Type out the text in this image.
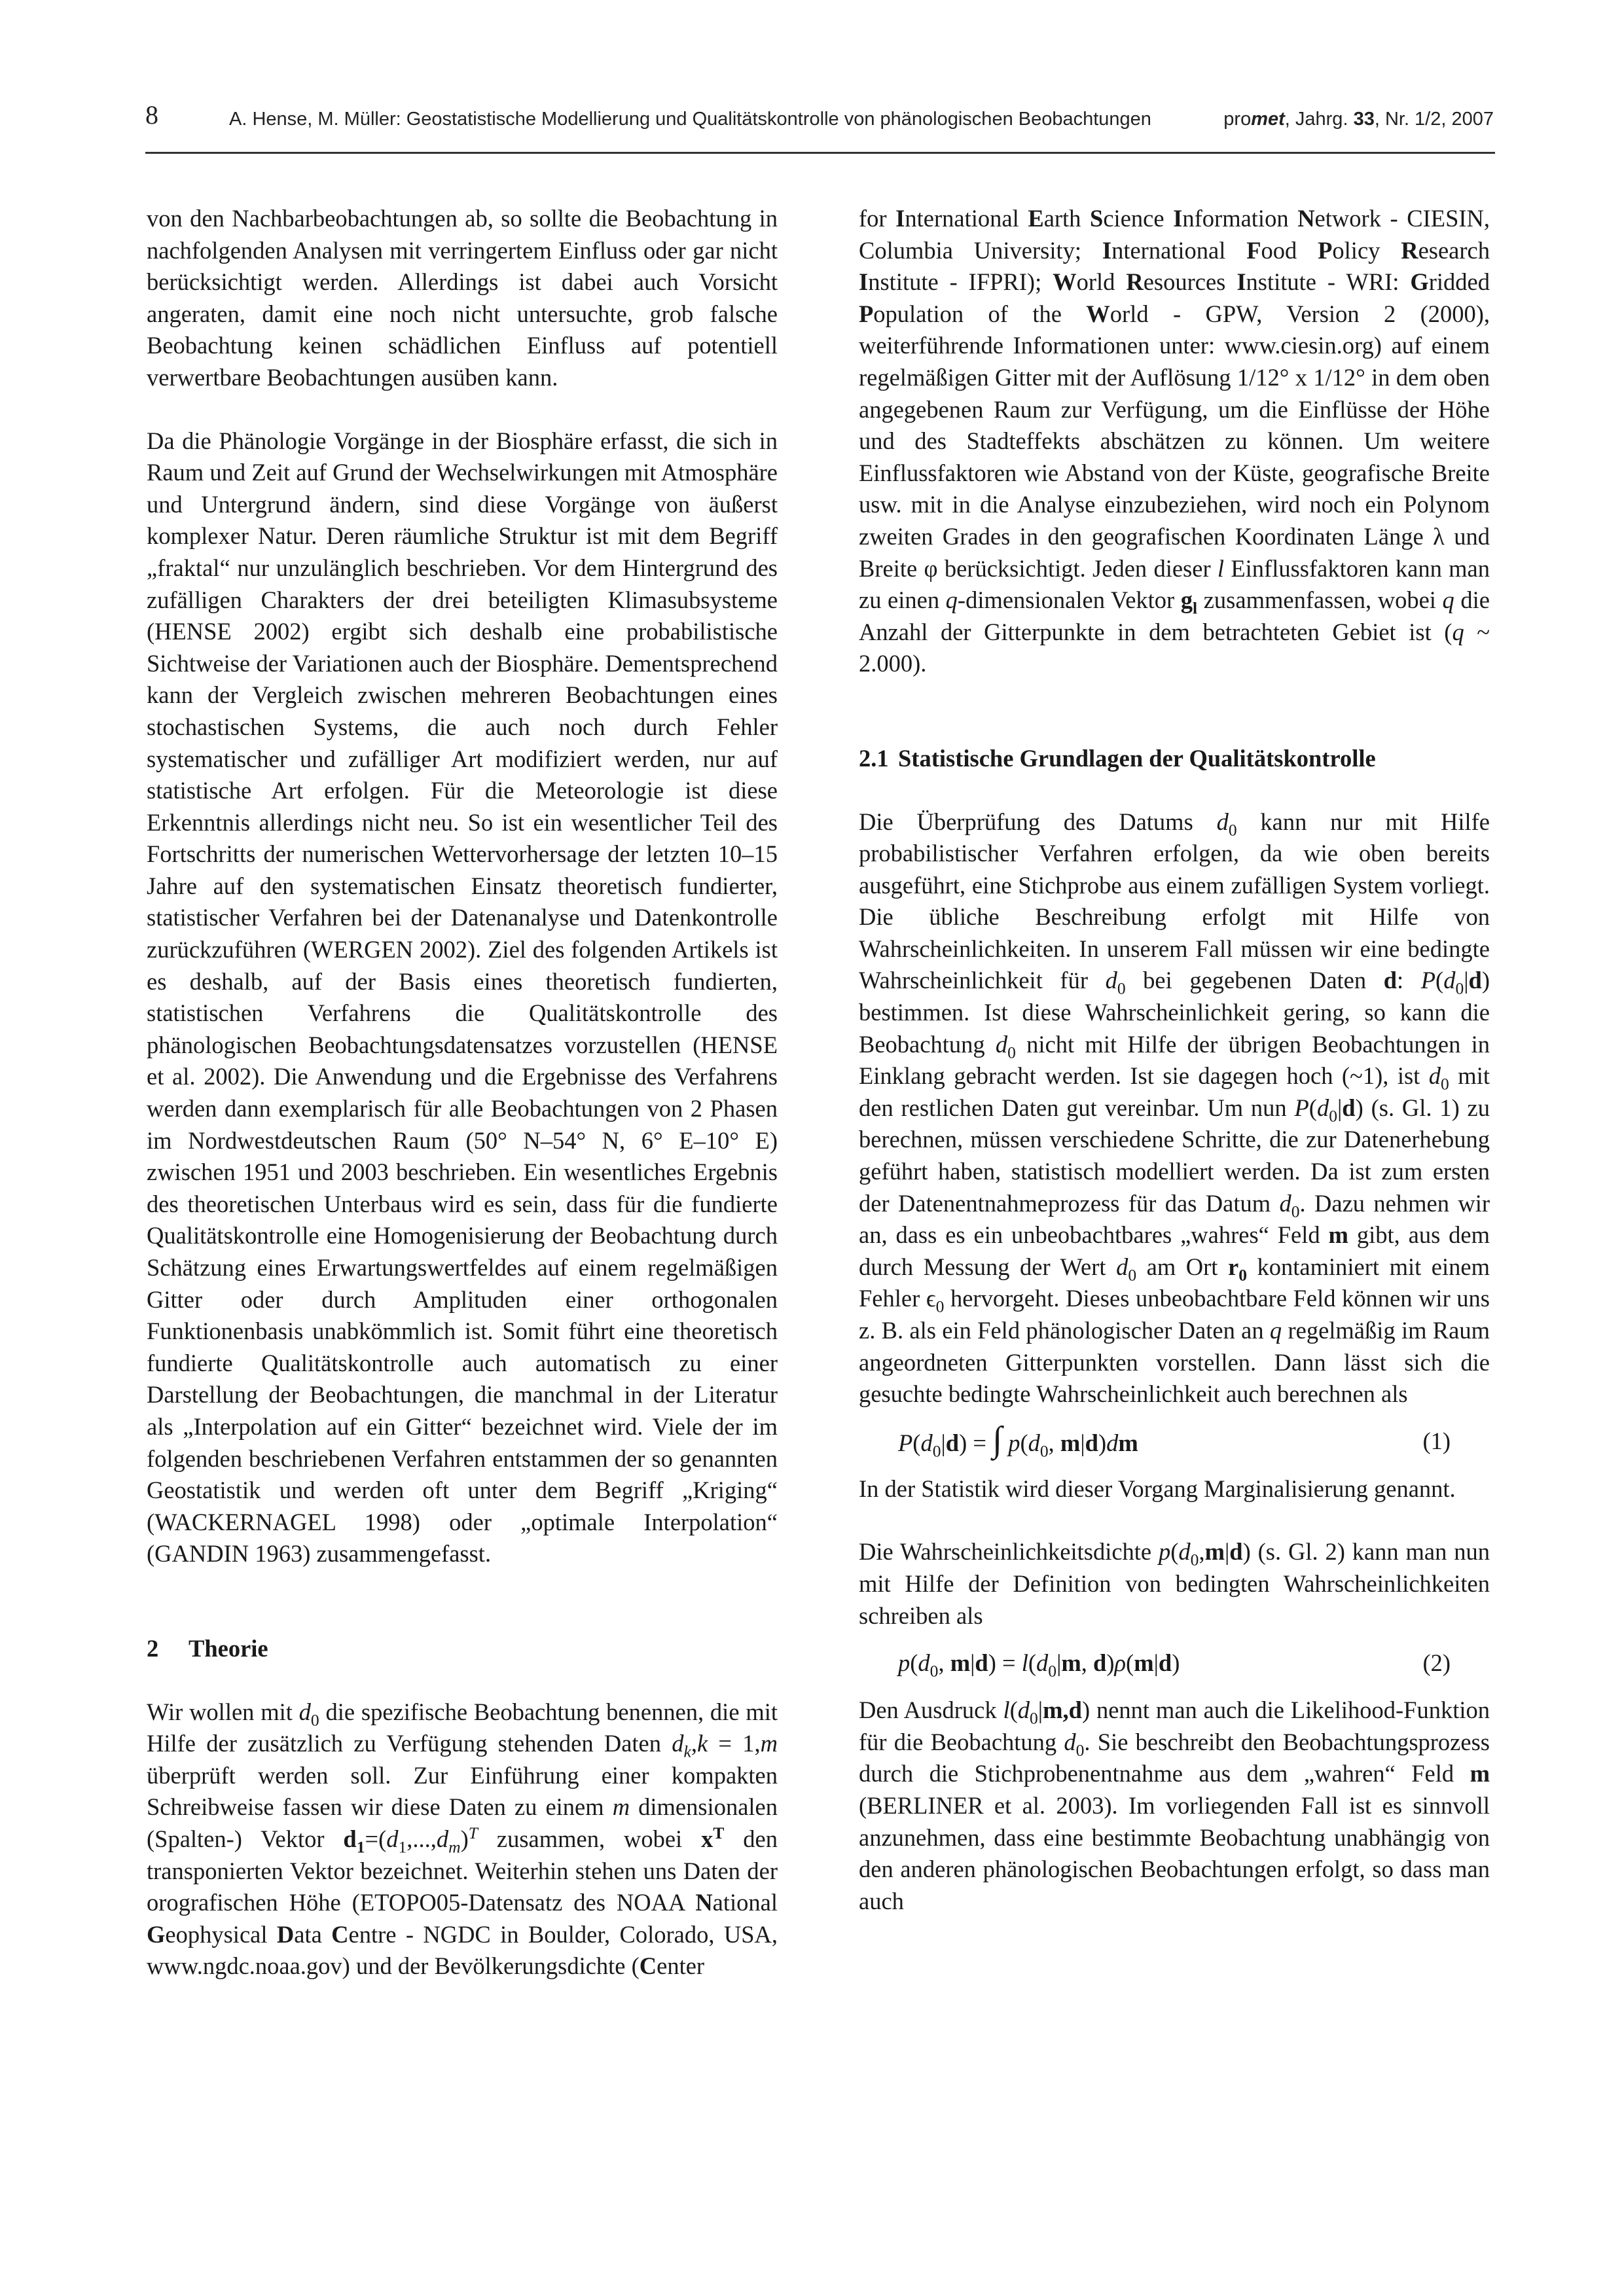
8	A. Hense, M. Müller: Geostatistische Modellierung und Qualitätskontrolle von phänologischen Beobachtungen	promet, Jahrg. 33, Nr. 1/2, 2007

von den Nachbarbeobachtungen ab, so sollte die Beobachtung in nachfolgenden Analysen mit verringertem Einfluss oder gar nicht berücksichtigt werden. Allerdings ist dabei auch Vorsicht angeraten, damit eine noch nicht untersuchte, grob falsche Beobachtung keinen schädlichen Einfluss auf potentiell verwertbare Beobachtungen ausüben kann.

Da die Phänologie Vorgänge in der Biosphäre erfasst, die sich in Raum und Zeit auf Grund der Wechselwirkungen mit Atmosphäre und Untergrund ändern, sind diese Vorgänge von äußerst komplexer Natur. Deren räumliche Struktur ist mit dem Begriff „fraktal“ nur unzulänglich beschrieben. Vor dem Hintergrund des zufälligen Charakters der drei beteiligten Klimasubsysteme (HENSE 2002) ergibt sich deshalb eine probabilistische Sichtweise der Variationen auch der Biosphäre. Dementsprechend kann der Vergleich zwischen mehreren Beobachtungen eines stochastischen Systems, die auch noch durch Fehler systematischer und zufälliger Art modifiziert werden, nur auf statistische Art erfolgen. Für die Meteorologie ist diese Erkenntnis allerdings nicht neu. So ist ein wesentlicher Teil des Fortschritts der numerischen Wettervorhersage der letzten 10–15 Jahre auf den systematischen Einsatz theoretisch fundierter, statistischer Verfahren bei der Datenanalyse und Datenkontrolle zurückzuführen (WERGEN 2002). Ziel des folgenden Artikels ist es deshalb, auf der Basis eines theoretisch fundierten, statistischen Verfahrens die Qualitätskontrolle des phänologischen Beobachtungsdatensatzes vorzustellen (HENSE et al. 2002). Die Anwendung und die Ergebnisse des Verfahrens werden dann exemplarisch für alle Beobachtungen von 2 Phasen im Nordwestdeutschen Raum (50° N–54° N, 6° E–10° E) zwischen 1951 und 2003 beschrieben. Ein wesentliches Ergebnis des theoretischen Unterbaus wird es sein, dass für die fundierte Qualitätskontrolle eine Homogenisierung der Beobachtung durch Schätzung eines Erwartungswertfeldes auf einem regelmäßigen Gitter oder durch Amplituden einer orthogonalen Funktionenbasis unabkömmlich ist. Somit führt eine theoretisch fundierte Qualitätskontrolle auch automatisch zu einer Darstellung der Beobachtungen, die manchmal in der Literatur als „Interpolation auf ein Gitter“ bezeichnet wird. Viele der im folgenden beschriebenen Verfahren entstammen der so genannten Geostatistik und werden oft unter dem Begriff „Kriging“ (WACKERNAGEL 1998) oder „optimale Interpolation“ (GANDIN 1963) zusammengefasst.

2 Theorie

Wir wollen mit $d_0$ die spezifische Beobachtung benennen, die mit Hilfe der zusätzlich zu Verfügung stehenden Daten $d_k,k = 1,m$ überprüft werden soll. Zur Einführung einer kompakten Schreibweise fassen wir diese Daten zu einem m dimensionalen (Spalten-) Vektor $d_1=(d_1,...,d_m)^T$ zusammen, wobei $x^T$ den transponierten Vektor bezeichnet. Weiterhin stehen uns Daten der orografischen Höhe (ETOPO05-Datensatz des NOAA National Geophysical Data Centre - NGDC in Boulder, Colorado, USA, www.ngdc.noaa.gov) und der Bevölkerungsdichte (Center

for International Earth Science Information Network - CIESIN, Columbia University; International Food Policy Research Institute - IFPRI); World Resources Institute - WRI: Gridded Population of the World - GPW, Version 2 (2000), weiterführende Informationen unter: www.ciesin.org) auf einem regelmäßigen Gitter mit der Auflösung 1/12° x 1/12° in dem oben angegebenen Raum zur Verfügung, um die Einflüsse der Höhe und des Stadteffekts abschätzen zu können. Um weitere Einflussfaktoren wie Abstand von der Küste, geografische Breite usw. mit in die Analyse einzubeziehen, wird noch ein Polynom zweiten Grades in den geografischen Koordinaten Länge λ und Breite φ berücksichtigt. Jeden dieser l Einflussfaktoren kann man zu einen q-dimensionalen Vektor $g_l$ zusammenfassen, wobei q die Anzahl der Gitterpunkte in dem betrachteten Gebiet ist (q ~ 2.000).

2.1 Statistische Grundlagen der Qualitätskontrolle

Die Überprüfung des Datums $d_0$ kann nur mit Hilfe probabilistischer Verfahren erfolgen, da wie oben bereits ausgeführt, eine Stichprobe aus einem zufälligen System vorliegt. Die übliche Beschreibung erfolgt mit Hilfe von Wahrscheinlichkeiten. In unserem Fall müssen wir eine bedingte Wahrscheinlichkeit für $d_0$ bei gegebenen Daten d: $P(d_0|d)$ bestimmen. Ist diese Wahrscheinlichkeit gering, so kann die Beobachtung $d_0$ nicht mit Hilfe der übrigen Beobachtungen in Einklang gebracht werden. Ist sie dagegen hoch (~1), ist $d_0$ mit den restlichen Daten gut vereinbar. Um nun $P(d_0|d)$ (s. Gl. 1) zu berechnen, müssen verschiedene Schritte, die zur Datenerhebung geführt haben, statistisch modelliert werden. Da ist zum ersten der Datenentnahmeprozess für das Datum $d_0$. Dazu nehmen wir an, dass es ein unbeobachtbares „wahres“ Feld m gibt, aus dem durch Messung der Wert $d_0$ am Ort $r_0$ kontaminiert mit einem Fehler $\epsilon_0$ hervorgeht. Dieses unbeobachtbare Feld können wir uns z. B. als ein Feld phänologischer Daten an q regelmäßig im Raum angeordneten Gitterpunkten vorstellen. Dann lässt sich die gesuchte bedingte Wahrscheinlichkeit auch berechnen als

$P(d_0|d)$ = ∫ $p(d_0$, m|d)dm	(1)

In der Statistik wird dieser Vorgang Marginalisierung genannt.

Die Wahrscheinlichkeitsdichte $p(d_0,m|d)$ (s. Gl. 2) kann man nun mit Hilfe der Definition von bedingten Wahrscheinlichkeiten schreiben als

$p(d_0$, $m|d) = l(d_0|m$, d)ρ(m|d)	(2)

Den Ausdruck $l(d_0|m,d)$ nennt man auch die Likelihood-Funktion für die Beobachtung $d_0$. Sie beschreibt den Beobachtungsprozess durch die Stichprobenentnahme aus dem „wahren“ Feld m (BERLINER et al. 2003). Im vorliegenden Fall ist es sinnvoll anzunehmen, dass eine bestimmte Beobachtung unabhängig von den anderen phänologischen Beobachtungen erfolgt, so dass man auch
